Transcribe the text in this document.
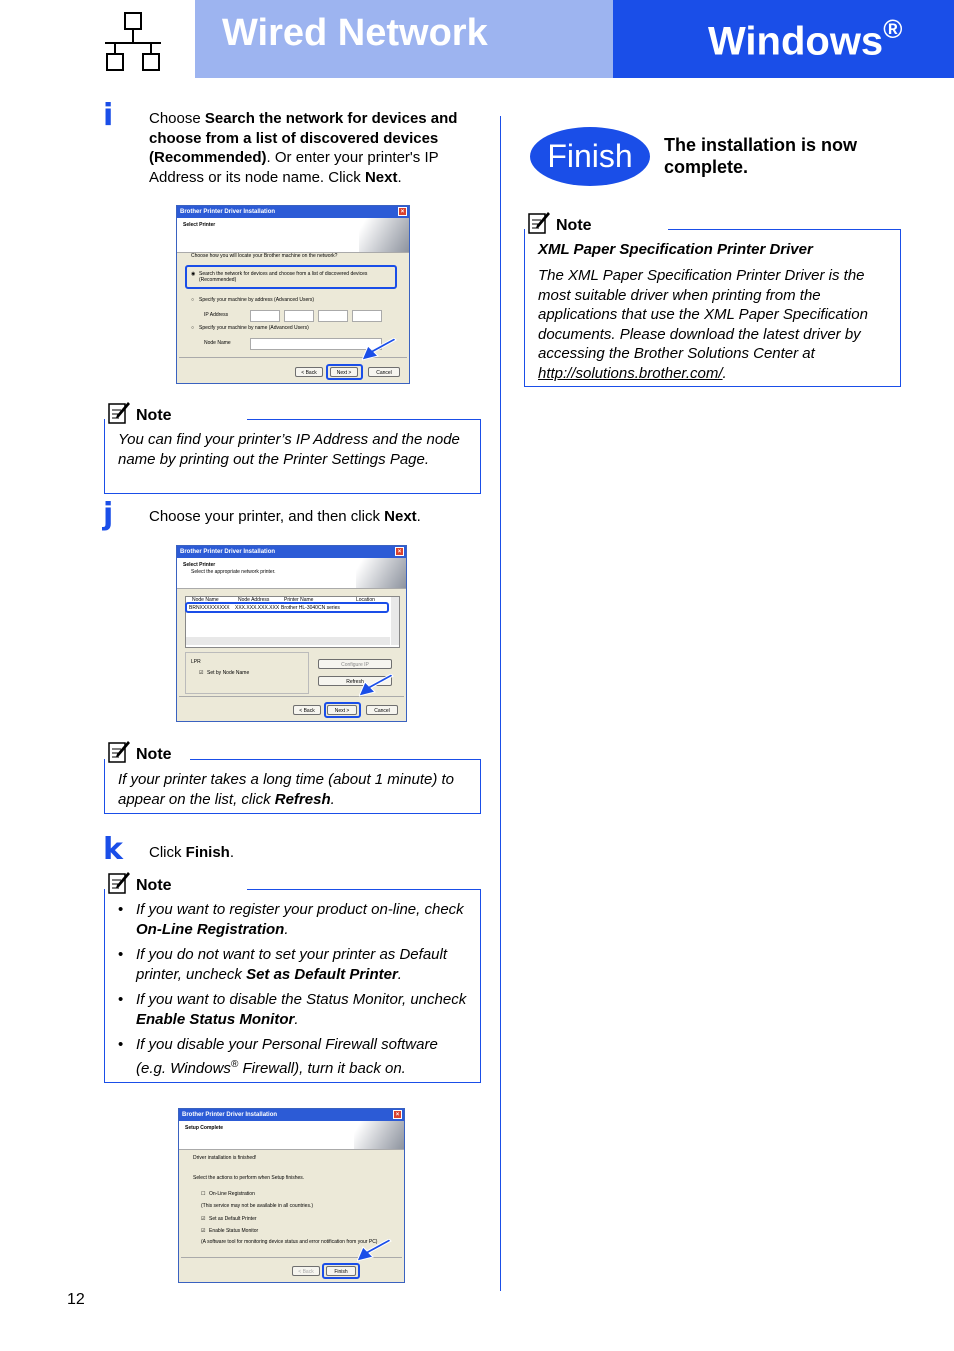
Wired Network	Windows®
i Choose Search the network for devices and choose from a list of discovered devices (Recommended). Or enter your printer's IP Address or its node name. Click Next.
Brother Printer Driver Installation	×
Select Printer
Choose how you will locate your Brother machine on the network?
◉ Search the network for devices and choose from a list of discovered devices
(Recommended)
○ Specify your machine by address (Advanced Users)
IP Address
○ Specify your machine by name (Advanced Users)
Node Name
< Back	Next >	Cancel
Note
You can find your printer’s IP Address and the node name by printing out the Printer Settings Page.
j Choose your printer, and then click Next.
Brother Printer Driver Installation	×
Select Printer
Select the appropriate network printer.
Node Name	Node Address	Printer Name	Location
BRNXXXXXXXXX XXX.XXX.XXX.XXX Brother HL-3040CN series
LPR
☑ Set by Node Name
Configure IP
Refresh
< Back	Next >	Cancel
Note
If your printer takes a long time (about 1 minute) to appear on the list, click Refresh.
k Click Finish.
Note
• If you want to register your product on-line, check On-Line Registration.
• If you do not want to set your printer as Default printer, uncheck Set as Default Printer.
• If you want to disable the Status Monitor, uncheck Enable Status Monitor.
• If you disable your Personal Firewall software (e.g. Windows® Firewall), turn it back on.
Brother Printer Driver Installation	×
Setup Complete
Driver installation is finished!
Select the actions to perform when Setup finishes.
☐ On-Line Registration
(This service may not be available in all countries.)
☑ Set as Default Printer
☑ Enable Status Monitor
(A software tool for monitoring device status and error notification from your PC)
< Back	Finish
Finish	The installation is now
complete.
Note
XML Paper Specification Printer Driver
The XML Paper Specification Printer Driver is the most suitable driver when printing from the applications that use the XML Paper Specification documents. Please download the latest driver by accessing the Brother Solutions Center at http://solutions.brother.com/.
12
